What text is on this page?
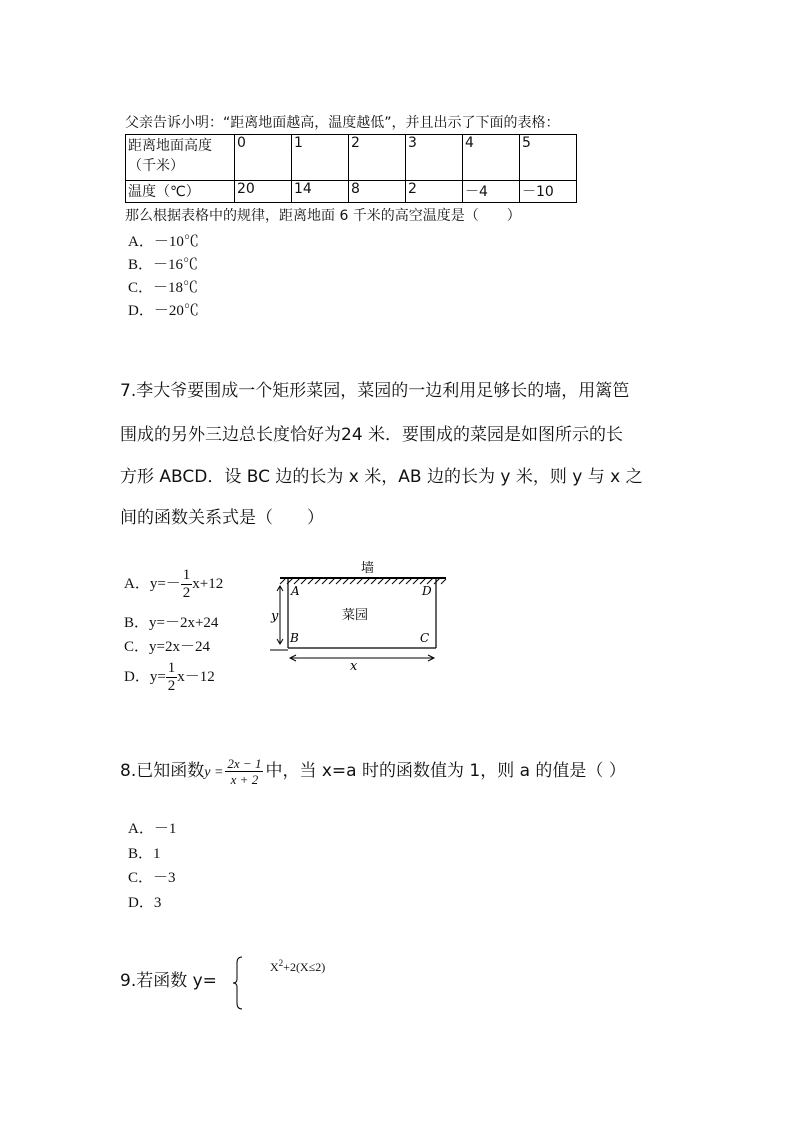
父亲告诉小明：“距离地面越高，温度越低”，并且出示了下面的表格：
距离地面高度
（千米）	0	1	2	3	4	5
温度（℃）	20	14	8	2	－4	－10
那么根据表格中的规律，距离地面 6 千米的高空温度是（　　）
A．－10℃
B．－16℃
C．－18℃
D．－20℃
7.李大爷要围成一个矩形菜园，菜园的一边利用足够长的墙，用篱笆
围成的另外三边总长度恰好为24 米．要围成的菜园是如图所示的长
方形 ABCD．设 BC 边的长为 x 米，AB 边的长为 y 米，则 y 与 x 之
间的函数关系式是（　　）
A．$y=- \frac{1}{2} x+12$
B．y=－2x+24
C．y=2x－24
D．$y= \frac{1}{2} x-12$
墙
y
x
A	D
B	C
菜园
8.已知函数$y = \frac{2x - 1}{x + 2}$ 中，当 x=a 时的函数值为 1，则 a 的值是（ ）
A．－1
B．1
C．－3
D．3
9.若函数 y=
$X^2+2(X\le 2)$
